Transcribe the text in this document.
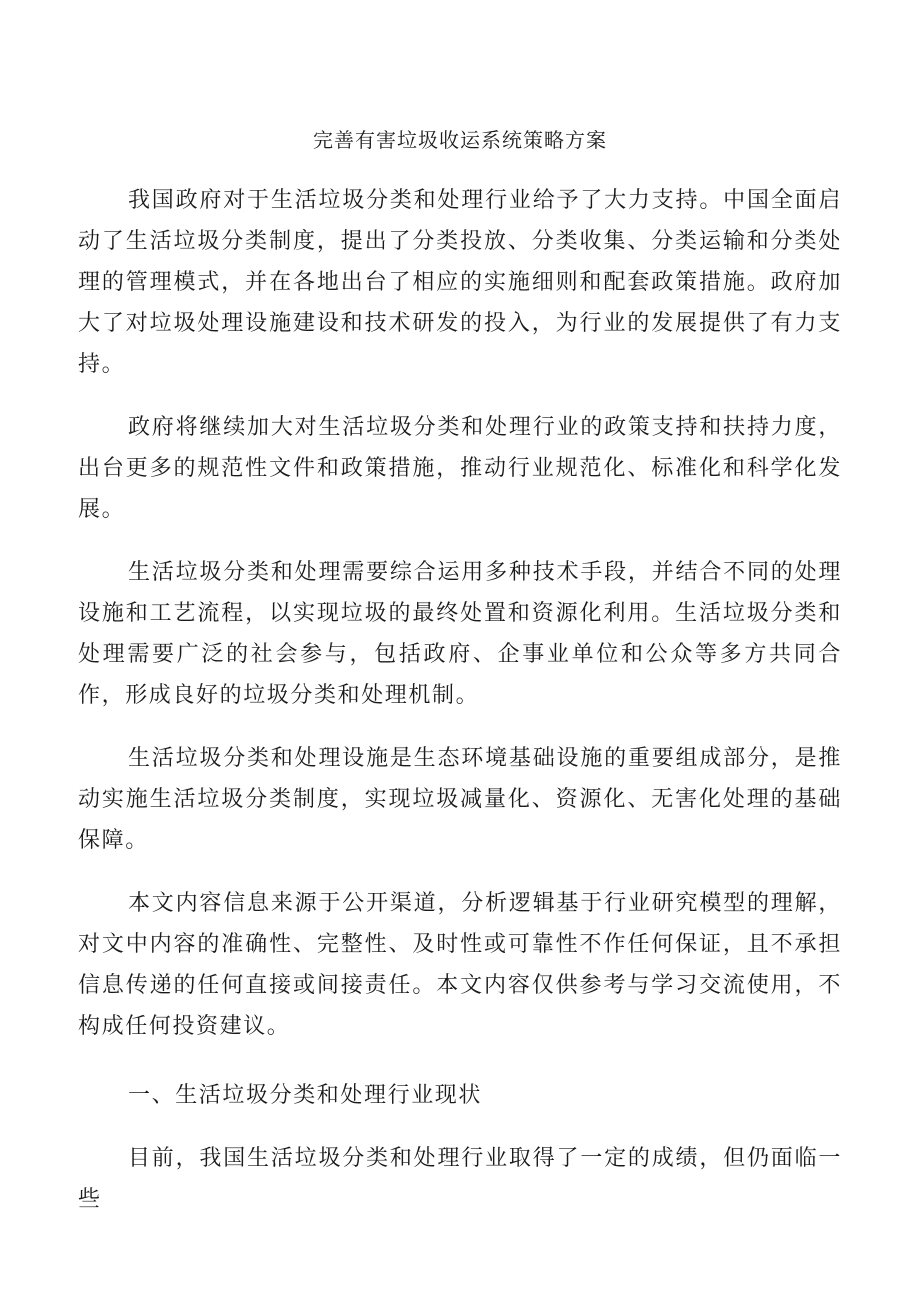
完善有害垃圾收运系统策略方案

我国政府对于生活垃圾分类和处理行业给予了大力支持。中国全面启动了生活垃圾分类制度，提出了分类投放、分类收集、分类运输和分类处理的管理模式，并在各地出台了相应的实施细则和配套政策措施。政府加大了对垃圾处理设施建设和技术研发的投入，为行业的发展提供了有力支持。

政府将继续加大对生活垃圾分类和处理行业的政策支持和扶持力度，出台更多的规范性文件和政策措施，推动行业规范化、标准化和科学化发展。

生活垃圾分类和处理需要综合运用多种技术手段，并结合不同的处理设施和工艺流程，以实现垃圾的最终处置和资源化利用。生活垃圾分类和处理需要广泛的社会参与，包括政府、企事业单位和公众等多方共同合作，形成良好的垃圾分类和处理机制。

生活垃圾分类和处理设施是生态环境基础设施的重要组成部分，是推动实施生活垃圾分类制度，实现垃圾减量化、资源化、无害化处理的基础保障。

本文内容信息来源于公开渠道，分析逻辑基于行业研究模型的理解，对文中内容的准确性、完整性、及时性或可靠性不作任何保证，且不承担信息传递的任何直接或间接责任。本文内容仅供参考与学习交流使用，不构成任何投资建议。

一、生活垃圾分类和处理行业现状

目前，我国生活垃圾分类和处理行业取得了一定的成绩，但仍面临一些
